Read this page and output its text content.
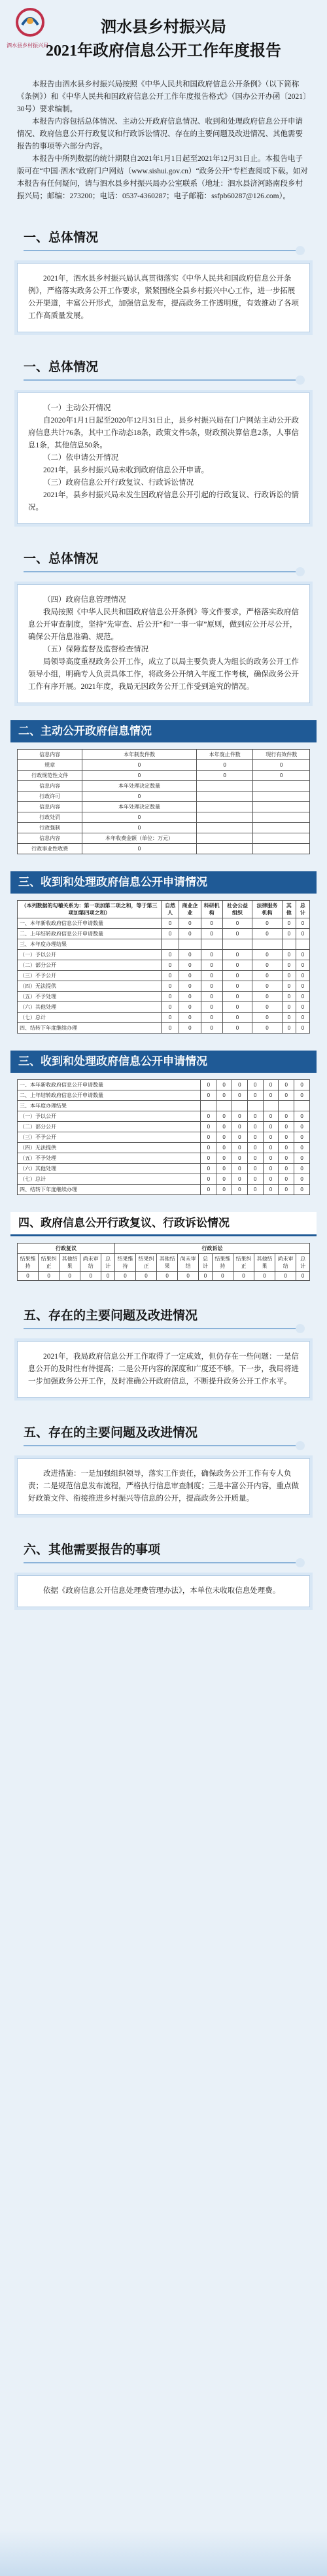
泗水县乡村振兴局
泗水县乡村振兴局
2021年政府信息公开工作年度报告

本报告由泗水县乡村振兴局按照《中华人民共和国政府信息公开条例》（以下简称《条例》）和《中华人民共和国政府信息公开工作年度报告格式》（国办公开办函〔2021〕30号）要求编制。

本报告内容包括总体情况、主动公开政府信息情况、收到和处理政府信息公开申请情况、政府信息公开行政复议和行政诉讼情况、存在的主要问题及改进情况、其他需要报告的事项等六部分内容。

本报告中所列数据的统计期限自2021年1月1日起至2021年12月31日止。本报告电子版可在“中国·泗水”政府门户网站（www.sishui.gov.cn）“政务公开”专栏查阅或下载。如对本报告有任何疑问，请与泗水县乡村振兴局办公室联系（地址：泗水县济河路南段乡村振兴局；邮编：273200；电话：0537-4360287；电子邮箱：ssfpb60287@126.com）。

一、总体情况

2021年，泗水县乡村振兴局认真贯彻落实《中华人民共和国政府信息公开条例》，严格落实政务公开工作要求，紧紧围绕全县乡村振兴中心工作，进一步拓展公开渠道，丰富公开形式，加强信息发布，提高政务工作透明度，有效推动了各项工作高质量发展。

一、总体情况

（一）主动公开情况

自2020年1月1日起至2020年12月31日止，县乡村振兴局在门户网站主动公开政府信息共计76条，其中工作动态18条，政策文件5条，财政预决算信息2条，人事信息1条，其他信息50条。

（二）依申请公开情况

2021年，县乡村振兴局未收到政府信息公开申请。

（三）政府信息公开行政复议、行政诉讼情况

2021年，县乡村振兴局未发生因政府信息公开引起的行政复议、行政诉讼的情况。

一、总体情况

（四）政府信息管理情况

我局按照《中华人民共和国政府信息公开条例》等文件要求，严格落实政府信息公开审查制度，坚持“先审查、后公开”和“一事一审”原则，做到应公开尽公开，确保公开信息准确、规范。

（五）保障监督及监督检查情况

局领导高度重视政务公开工作，成立了以局主要负责人为组长的政务公开工作领导小组，明确专人负责具体工作，将政务公开纳入年度工作考核，确保政务公开工作有序开展。2021年度，我局无因政务公开工作受到追究的情况。

二、主动公开政府信息情况
信息内容	本年制发件数	本年废止件数	现行有效件数
规章	0	0	0
行政规范性文件	0	0	0
信息内容	本年处理决定数量		
行政许可	0		
信息内容	本年处理决定数量		
行政处罚	0		
行政强制	0		
信息内容	本年收费金额（单位：万元）		
行政事业性收费	0		
三、收到和处理政府信息公开申请情况
（本列数据的勾稽关系为：第一项加第二项之和，等于第三项加第四项之和）	自然人	商业企业	科研机构	社会公益组织	法律服务机构	其他	总计
一、本年新收政府信息公开申请数量	0	0	0	0	0	0	0
二、上年结转政府信息公开申请数量	0	0	0	0	0	0	0
三、本年度办理结果							
（一）予以公开	0	0	0	0	0	0	0
（二）部分公开	0	0	0	0	0	0	0
（三）不予公开	0	0	0	0	0	0	0
（四）无法提供	0	0	0	0	0	0	0
（五）不予处理	0	0	0	0	0	0	0
（六）其他处理	0	0	0	0	0	0	0
（七）总计	0	0	0	0	0	0	0
四、结转下年度继续办理	0	0	0	0	0	0	0
三、收到和处理政府信息公开申请情况
一、本年新收政府信息公开申请数量	0	0	0	0	0	0	0
二、上年结转政府信息公开申请数量	0	0	0	0	0	0	0
三、本年度办理结果							
（一）予以公开	0	0	0	0	0	0	0
（二）部分公开	0	0	0	0	0	0	0
（三）不予公开	0	0	0	0	0	0	0
（四）无法提供	0	0	0	0	0	0	0
（五）不予处理	0	0	0	0	0	0	0
（六）其他处理	0	0	0	0	0	0	0
（七）总计	0	0	0	0	0	0	0
四、结转下年度继续办理	0	0	0	0	0	0	0
四、政府信息公开行政复议、行政诉讼情况
行政复议					行政诉讼									
结果维持	结果纠正	其他结果	尚未审结	总计	结果维持	结果纠正	其他结果	尚未审结	总计	结果维持	结果纠正	其他结果	尚未审结	总计
0	0	0	0	0	0	0	0	0	0	0	0	0	0	0
五、存在的主要问题及改进情况

2021年，我局政府信息公开工作取得了一定成效，但仍存在一些问题：一是信息公开的及时性有待提高；二是公开内容的深度和广度还不够。下一步，我局将进一步加强政务公开工作，及时准确公开政府信息，不断提升政务公开工作水平。

五、存在的主要问题及改进情况

改进措施：一是加强组织领导，落实工作责任，确保政务公开工作有专人负责；二是规范信息发布流程，严格执行信息审查制度；三是丰富公开内容，重点做好政策文件、衔接推进乡村振兴等信息的公开，提高政务公开质量。

六、其他需要报告的事项

依据《政府信息公开信息处理费管理办法》，本单位未收取信息处理费。
